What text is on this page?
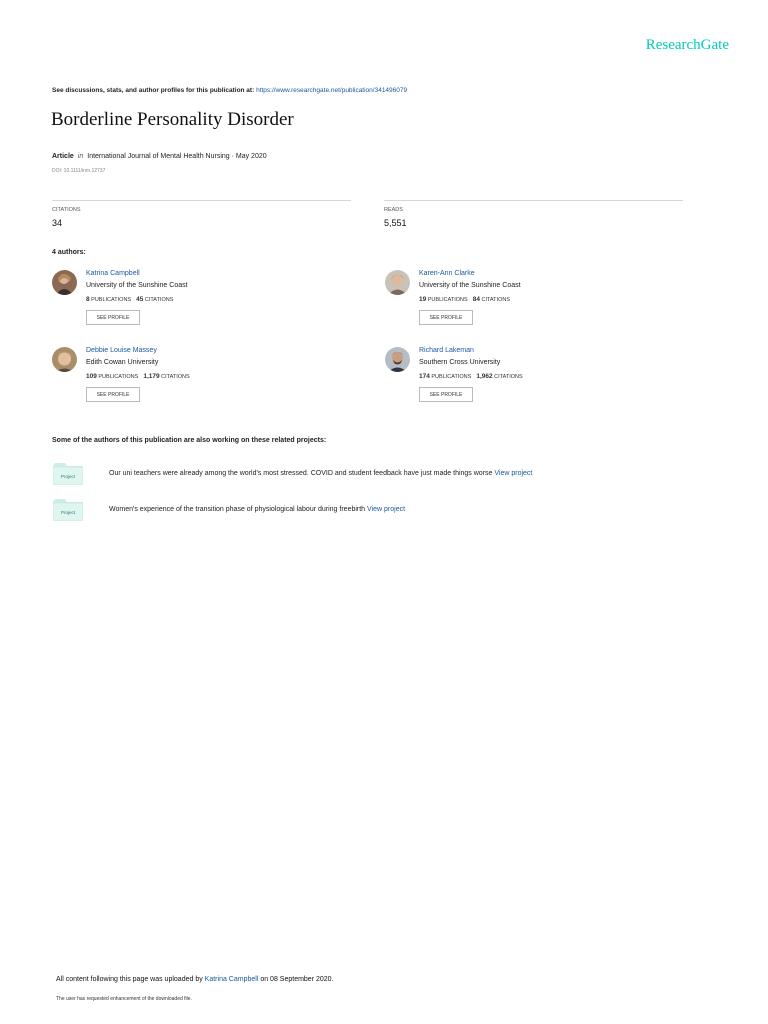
ResearchGate
See discussions, stats, and author profiles for this publication at: https://www.researchgate.net/publication/341496079
Borderline Personality Disorder
Article in International Journal of Mental Health Nursing · May 2020
DOI: 10.1111/inm.12737
CITATIONS
34
READS
5,551
4 authors:
Katrina Campbell
University of the Sunshine Coast
8 PUBLICATIONS 45 CITATIONS
SEE PROFILE
Karen-Ann Clarke
University of the Sunshine Coast
19 PUBLICATIONS 84 CITATIONS
SEE PROFILE
Debbie Louise Massey
Edith Cowan University
109 PUBLICATIONS 1,179 CITATIONS
SEE PROFILE
Richard Lakeman
Southern Cross University
174 PUBLICATIONS 1,962 CITATIONS
SEE PROFILE
Some of the authors of this publication are also working on these related projects:
Project	Our uni teachers were already among the world's most stressed. COVID and student feedback have just made things worse View project
Project	Women's experience of the transition phase of physiological labour during freebirth View project
All content following this page was uploaded by Katrina Campbell on 08 September 2020.
The user has requested enhancement of the downloaded file.
